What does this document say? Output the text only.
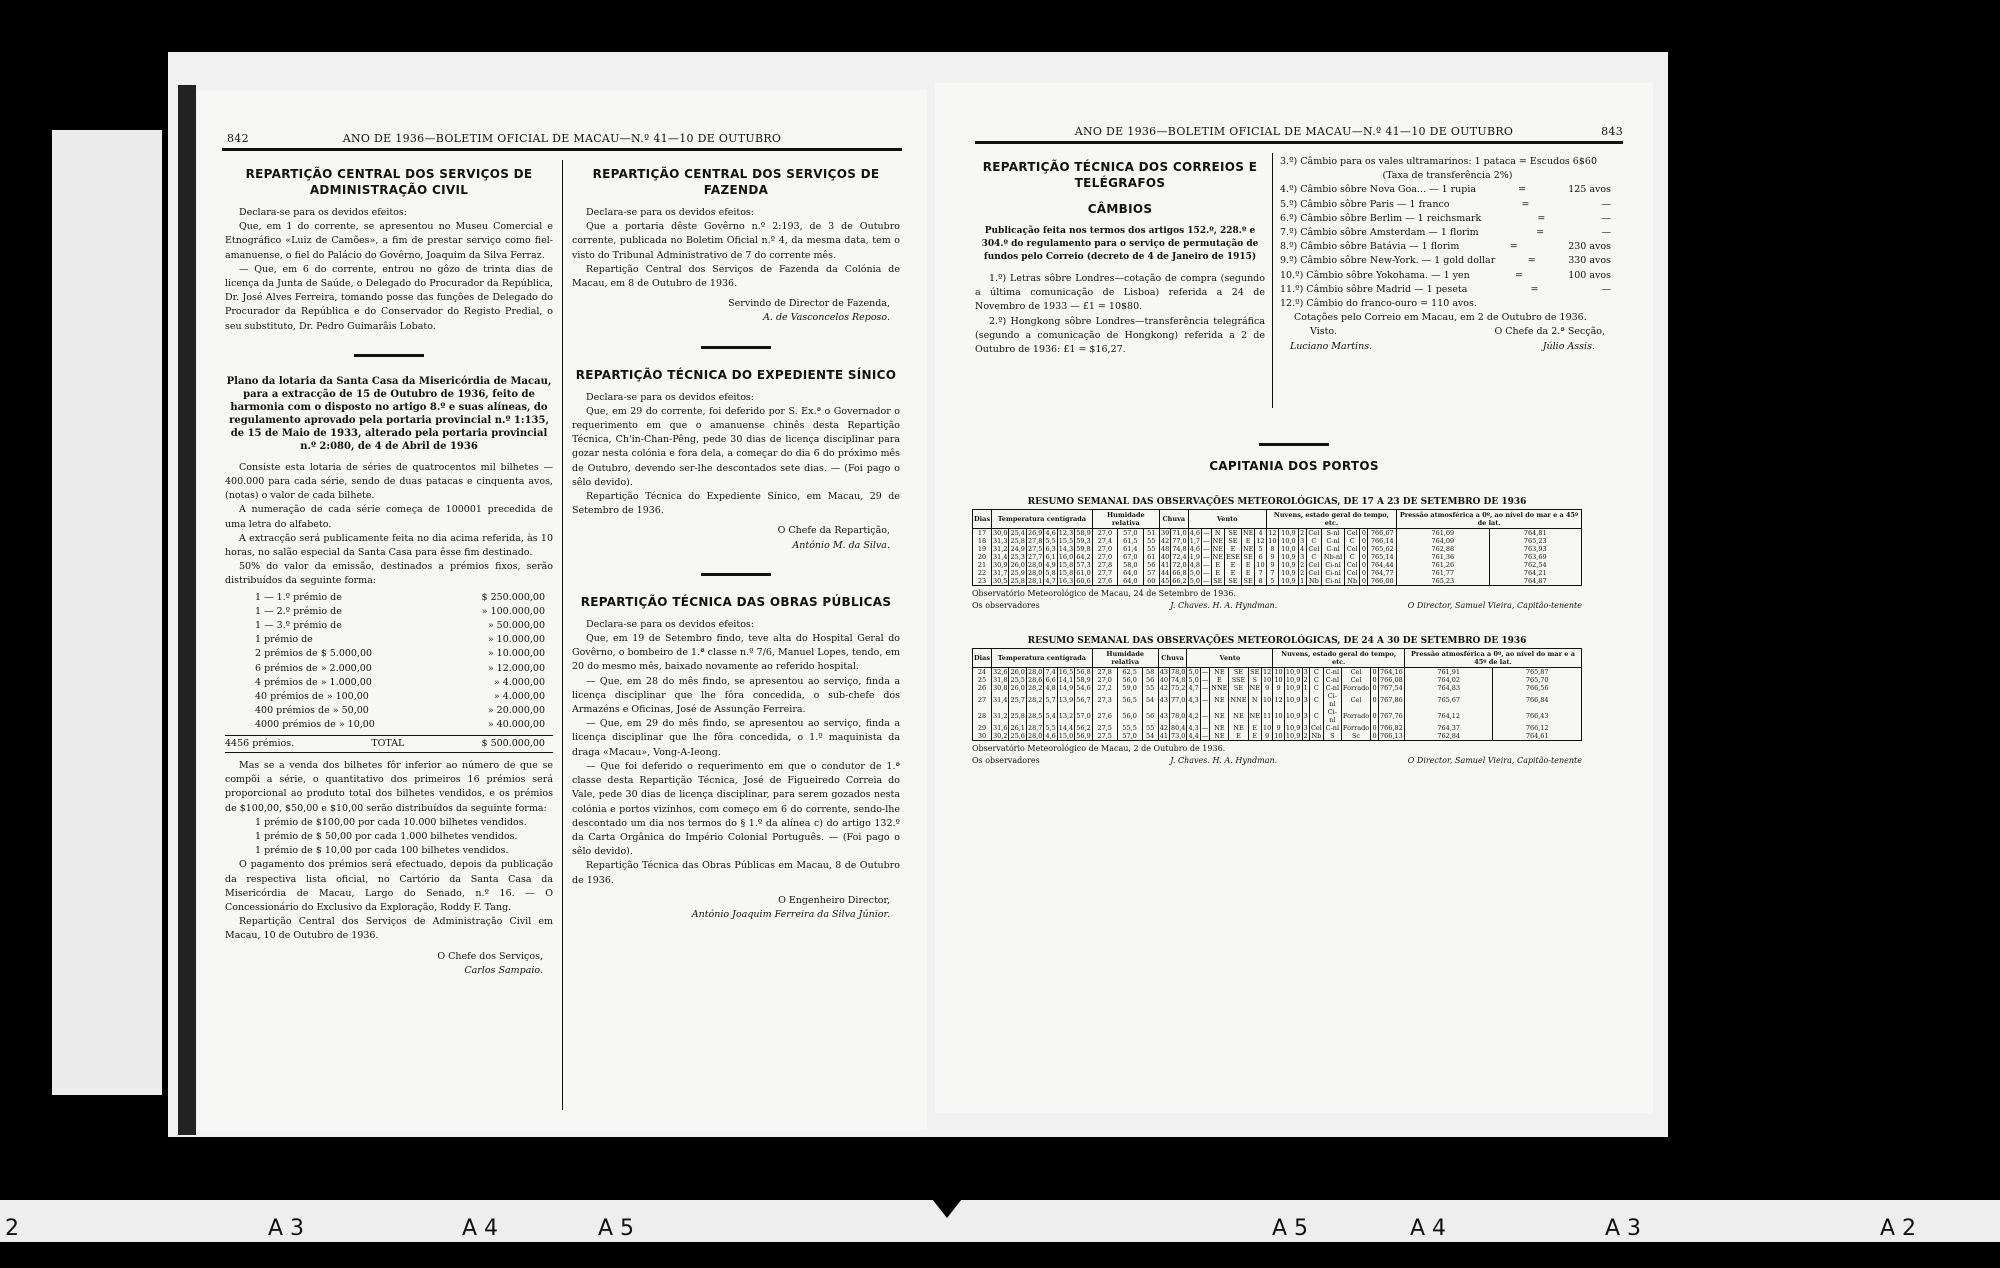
842	ANO DE 1936—BOLETIM OFICIAL DE MACAU—N.º 41—10 DE OUTUBRO
REPARTIÇÃO CENTRAL DOS SERVIÇOS DE ADMINISTRAÇÃO CIVIL

Declara-se para os devidos efeitos:

Que, em 1 do corrente, se apresentou no Museu Comercial e Etnográfico «Luiz de Camões», a fim de prestar serviço como fiel-amanuense, o fiel do Palácio do Govêrno, Joaquim da Silva Ferraz.

— Que, em 6 do corrente, entrou no gôzo de trinta dias de licença da Junta de Saúde, o Delegado do Procurador da República, Dr. José Alves Ferreira, tomando posse das funções de Delegado do Procurador da República e do Conservador do Registo Predial, o seu substituto, Dr. Pedro Guimarãis Lobato.

Plano da lotaria da Santa Casa da Misericórdia de Macau, para a extracção de 15 de Outubro de 1936, feito de harmonia com o disposto no artigo 8.º e suas alíneas, do regulamento aprovado pela portaria provincial n.º 1:135, de 15 de Maio de 1933, alterado pela portaria provincial n.º 2:080, de 4 de Abril de 1936

Consiste esta lotaria de séries de quatrocentos mil bilhetes — 400.000 para cada série, sendo de duas patacas e cinquenta avos, (notas) o valor de cada bilhete.

A numeração de cada série começa de 100001 precedida de uma letra do alfabeto.

A extracção será publicamente feita no dia acima referida, às 10 horas, no salão especial da Santa Casa para êsse fim destinado.

50% do valor da emissão, destinados a prémios fixos, serão distribuídos da seguinte forma:

1 — 1.º prémio de	$ 250.000,00
1 — 2.º prémio de	» 100.000,00
1 — 3.º prémio de	» 50.000,00
1 prémio de	» 10.000,00
2 prémios de $ 5.000,00	» 10.000,00
6 prémios de » 2.000,00	» 12.000,00
4 prémios de » 1.000,00	» 4.000,00
40 prémios de » 100,00	» 4.000,00
400 prémios de » 50,00	» 20.000,00
4000 prémios de » 10,00	» 40.000,00
4456 prémios.	TOTAL	$ 500.000,00

Mas se a venda dos bilhetes fôr inferior ao número de que se compõi a série, o quantitativo dos primeiros 16 prémios será proporcional ao produto total dos bilhetes vendidos, e os prémios de $100,00, $50,00 e $10,00 serão distribuídos da seguinte forma:

1 prémio de $100,00 por cada 10.000 bilhetes vendidos.
1 prémio de $ 50,00 por cada 1.000 bilhetes vendidos.
1 prémio de $ 10,00 por cada 100 bilhetes vendidos.

O pagamento dos prémios será efectuado, depois da publicação da respectiva lista oficial, no Cartório da Santa Casa da Misericórdia de Macau, Largo do Senado, n.º 16. — O Concessionário do Exclusivo da Exploração, Roddy F. Tang.

Repartição Central dos Serviços de Administração Civil em Macau, 10 de Outubro de 1936.

O Chefe dos Serviços,
Carlos Sampaio.
REPARTIÇÃO CENTRAL DOS SERVIÇOS DE FAZENDA

Declara-se para os devidos efeitos:

Que a portaria dêste Govêrno n.º 2:193, de 3 de Outubro corrente, publicada no Boletim Oficial n.º 4, da mesma data, tem o visto do Tribunal Administrativo de 7 do corrente mês.

Repartição Central dos Serviços de Fazenda da Colónia de Macau, em 8 de Outubro de 1936.

Servindo de Director de Fazenda,
A. de Vasconcelos Reposo.
REPARTIÇÃO TÉCNICA DO EXPEDIENTE SÍNICO

Declara-se para os devidos efeitos:

Que, em 29 do corrente, foi deferido por S. Ex.ª o Governador o requerimento em que o amanuense chinês desta Repartição Técnica, Ch'in-Chan-Pêng, pede 30 dias de licença disciplinar para gozar nesta colónia e fora dela, a começar do dia 6 do próximo mês de Outubro, devendo ser-lhe descontados sete dias. — (Foi pago o sêlo devido).

Repartição Técnica do Expediente Sínico, em Macau, 29 de Setembro de 1936.

O Chefe da Repartição,
António M. da Silva.
REPARTIÇÃO TÉCNICA DAS OBRAS PÚBLICAS

Declara-se para os devidos efeitos:

Que, em 19 de Setembro findo, teve alta do Hospital Geral do Govêrno, o bombeiro de 1.ª classe n.º 7/6, Manuel Lopes, tendo, em 20 do mesmo mês, baixado novamente ao referido hospital.

— Que, em 28 do mês findo, se apresentou ao serviço, finda a licença disciplinar que lhe fôra concedida, o sub-chefe dos Armazéns e Oficinas, José de Assunção Ferreira.

— Que, em 29 do mês findo, se apresentou ao serviço, finda a licença disciplinar que lhe fôra concedida, o 1.º maquinista da draga «Macau», Vong-A-Ieong.

— Que foi deferido o requerimento em que o condutor de 1.ª classe desta Repartição Técnica, José de Figueiredo Correia do Vale, pede 30 dias de licença disciplinar, para serem gozados nesta colónia e portos vizinhos, com começo em 6 do corrente, sendo-lhe descontado um dia nos termos do § 1.º da alínea c) do artigo 132.º da Carta Orgânica do Império Colonial Português. — (Foi pago o sêlo devido).

Repartição Técnica das Obras Públicas em Macau, 8 de Outubro de 1936.

O Engenheiro Director,
António Joaquim Ferreira da Silva Júnior.
ANO DE 1936—BOLETIM OFICIAL DE MACAU—N.º 41—10 DE OUTUBRO	843
REPARTIÇÃO TÉCNICA DOS CORREIOS E TELÉGRAFOS
CÂMBIOS
Publicação feita nos termos dos artigos 152.º, 228.º e 304.º do regulamento para o serviço de permutação de fundos pelo Correio (decreto de 4 de Janeiro de 1915)

1.º) Letras sôbre Londres—cotação de compra (segundo a última comunicação de Lisboa) referida a 24 de Novembro de 1933 — £1 = 10$80.

2.º) Hongkong sôbre Londres—transferência telegráfica (segundo a comunicação de Hongkong) referida a 2 de Outubro de 1936: £1 = $16,27.

3.º) Câmbio para os vales ultramarinos: 1 pataca = Escudos 6$60
(Taxa de transferência 2%)
4.º) Câmbio sôbre Nova Goa... — 1 rupia	=	125 avos
5.º) Câmbio sôbre Paris — 1 franco	=	—
6.º) Câmbio sôbre Berlim — 1 reichsmark	=	—
7.º) Câmbio sôbre Amsterdam — 1 florim	=	—
8.º) Câmbio sôbre Batávia — 1 florim	=	230 avos
9.º) Câmbio sôbre New-York. — 1 gold dollar	=	330 avos
10.º) Câmbio sôbre Yokohama. — 1 yen	=	100 avos
11.º) Câmbio sôbre Madrid — 1 peseta	=	—
12.º) Câmbio do franco-ouro = 110 avos.

Cotações pelo Correio em Macau, em 2 de Outubro de 1936.

Visto.	O Chefe da 2.ª Secção,
Luciano Martins.	Júlio Assis.
CAPITANIA DOS PORTOS
RESUMO SEMANAL DAS OBSERVAÇÕES METEOROLÓGICAS, DE 17 A 23 DE SETEMBRO DE 1936
Dias	Temperatura centígrada						Humidade relativa			Chuva		Vento						Nuvens, estado geral do tempo, etc.								Pressão atmosférica a 0º, ao nível do mar e a 45º de lat.	
17	30,0	25,4	26,9	4,6	12,3	58,9	27,0	57,0	51	39	71,0	4,6	—	N	SE	NE	4	12	10,9	2	Cel	S-nl	Cel	0	766,67	761,69	764,81
18	31,3	25,8	27,8	5,5	15,5	59,3	27,4	61,5	55	42	77,0	1,7	—	NE	SE	E	12	10	10,0	3	C	C-nl	C	0	766,14	764,09	765,23
19	31,2	24,9	27,5	6,3	14,3	59,8	27,0	61,4	55	48	74,8	4,6	—	NE	E	NE	5	8	10,0	4	Cel	C-nl	Cel	0	765,62	762,88	763,93
20	31,4	25,3	27,7	6,1	16,0	64,2	27,0	67,0	61	40	72,4	1,9	—	NE	ESE	SE	6	9	10,9	3	C	Nb-nl	C	0	765,14	761,36	763,69
21	30,9	26,0	28,0	4,9	15,8	57,3	27,8	58,0	56	41	72,0	4,8	—	E	E	E	10	9	10,9	2	Cel	Ci-nl	Cel	0	764,44	761,26	762,54
22	31,7	25,9	28,0	5,8	15,8	61,0	27,7	64,0	57	44	66,8	5,0	—	E	E	E	7	7	10,9	2	Cel	Ci-nl	Cel	0	764,77	761,77	764,21
23	30,5	25,8	28,1	4,7	16,3	60,6	27,6	64,0	60	45	66,2	5,0	—	SE	SE	SE	8	5	10,9	1	Nb	Ci-nl	Nb	0	766,00	765,23	764,87
Observatório Meteorológico de Macau, 24 de Setembro de 1936.
Os observadores	J. Chaves. H. A. Hyndman.	O Director, Samuel Vieira, Capitão-tenente
RESUMO SEMANAL DAS OBSERVAÇÕES METEOROLÓGICAS, DE 24 A 30 DE SETEMBRO DE 1936
Dias	Temperatura centígrada						Humidade relativa			Chuva		Vento						Nuvens, estado geral do tempo, etc.								Pressão atmosférica a 0º, ao nível do mar e a 45º de lat.	
24	32,6	26,0	28,0	7,4	16,5	56,8	27,8	62,5	58	43	78,0	5,0	—	NE	SE	SE	12	10	10,9	3	C	C-nl	Cel	0	764,16	761,91	765,87
25	31,8	25,5	28,6	6,6	14,1	58,9	27,0	56,0	56	40	74,8	5,0	—	E	SSE	S	10	10	10,9	2	C	C-nl	Cel	0	766,08	764,02	765,70
26	30,8	26,0	28,2	4,8	14,9	54,6	27,2	59,0	55	42	75,2	4,7	—	NNE	SE	NE	9	9	10,9	1	C	C-nl	Forrado	0	767,54	764,83	766,56
27	31,4	25,7	28,2	5,7	13,9	56,7	27,3	56,5	54	43	77,0	4,3	—	NE	NNE	N	10	12	10,9	3	C	Ci-nl	Cel	0	767,86	765,67	766,84
28	31,2	25,8	28,5	5,4	13,2	57,0	27,6	56,0	56	43	78,0	4,2	—	NE	NE	NE	11	10	10,9	3	C	Ci-nl	Forrado	0	767,76	764,12	766,43
29	31,6	26,1	28,7	5,5	14,4	56,2	27,5	55,5	55	42	80,4	4,3	—	NE	NE	E	10	9	10,9	3	Cel	C-nl	Forrado	0	766,82	764,37	766,12
30	30,2	25,6	28,0	4,6	15,0	56,9	27,5	57,0	54	41	73,0	4,4	—	NE	E	E	9	10	10,9	2	Nb	S	Sc	0	766,13	762,84	764,61
Observatório Meteorológico de Macau, 2 de Outubro de 1936.
Os observadores	J. Chaves. H. A. Hyndman.	O Director, Samuel Vieira, Capitão-tenente
2	A 3	A 4	A 5	A 5	A 4	A 3	A 2
